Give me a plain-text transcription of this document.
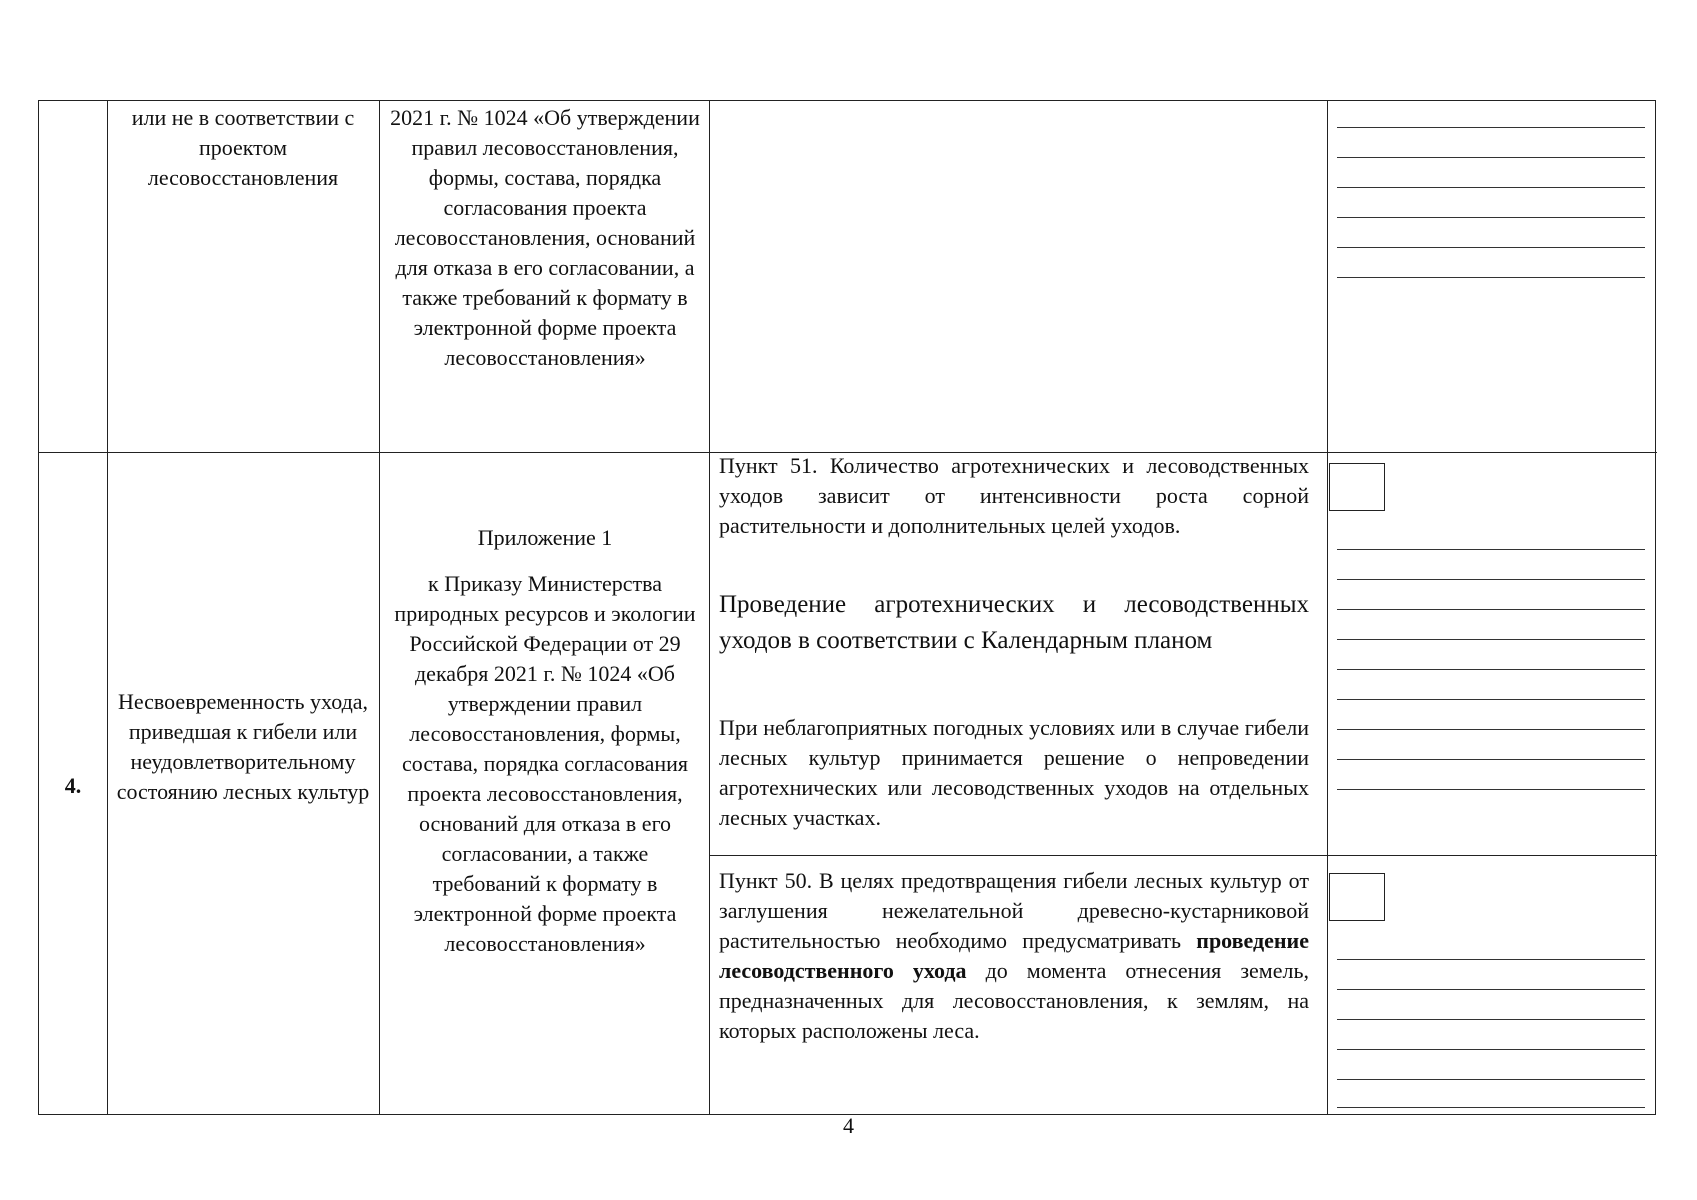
или не в соответствии с проектом лесовосстановления
2021 г. № 1024 «Об утверждении правил лесовосстановления, формы, состава, порядка согласования проекта лесовосстановления, оснований для отказа в его согласовании, а также требований к формату в электронной форме проекта лесовосстановления»
4.
Несвоевременность ухода, приведшая к гибели или неудовлетворительному состоянию лесных культур
Приложение 1
к Приказу Министерства природных ресурсов и экологии Российской Федерации от 29 декабря 2021 г. № 1024 «Об утверждении правил лесовосстановления, формы, состава, порядка согласования проекта лесовосстановления, оснований для отказа в его согласовании, а также требований к формату в электронной форме проекта лесовосстановления»
Пункт 51. Количество агротехнических и лесоводственных уходов зависит от интенсивности роста сорной растительности и дополнительных целей уходов.
Проведение агротехнических и лесоводственных уходов в соответствии с Календарным планом
При неблагоприятных погодных условиях или в случае гибели лесных культур принимается решение о непроведении агротехнических или лесоводственных уходов на отдельных лесных участках.
Пункт 50. В целях предотвращения гибели лесных культур от заглушения нежелательной древесно-кустарниковой растительностью необходимо предусматривать проведение лесоводственного ухода до момента отнесения земель, предназначенных для лесовосстановления, к землям, на которых расположены леса.
4
